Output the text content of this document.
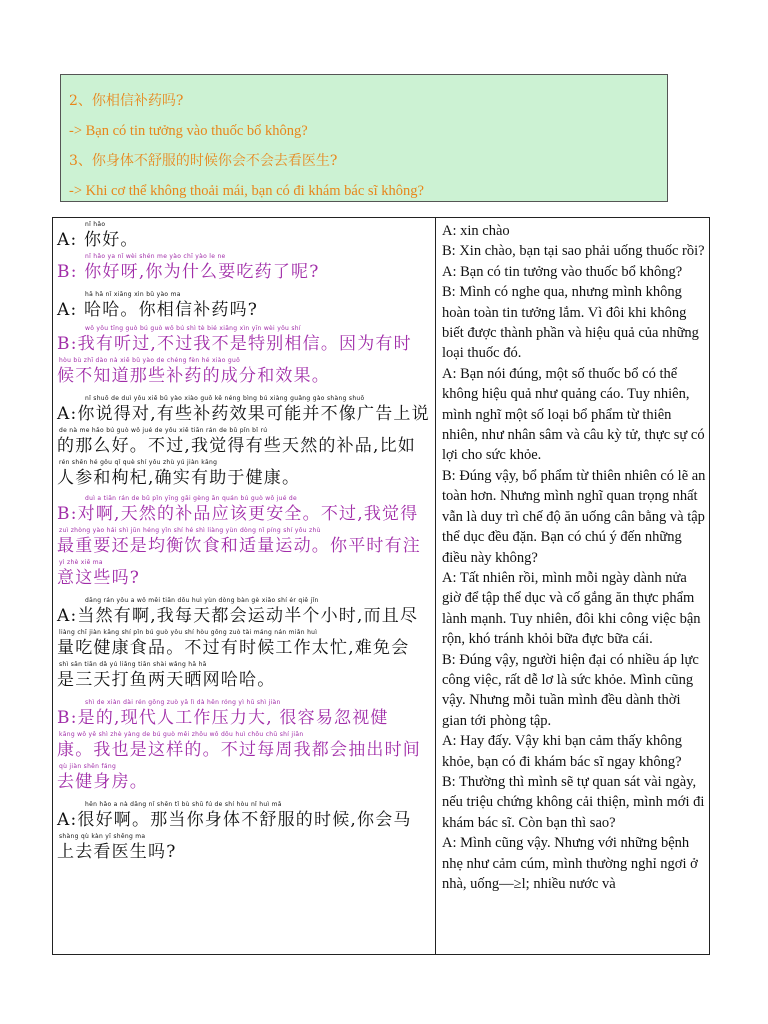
2、你相信补药吗?
-> Bạn có tin tưởng vào thuốc bổ không?
3、你身体不舒服的时候你会不会去看医生?
-> Khi cơ thể không thoải mái, bạn có đi khám bác sĩ không?
nǐ hǎo
A: 你好。
nǐ hǎo ya nǐ wèi shén me yào chī yào le ne
B: 你好呀,你为什么要吃药了呢?
hā hā nǐ xiāng xìn bǔ yào ma
A: 哈哈。你相信补药吗?
wǒ yǒu tīng guò bú guò wǒ bú shì tè bié xiāng xìn yīn wèi yǒu shí
B:我有听过,不过我不是特别相信。因为有时
hòu bù zhī dào nà xiē bǔ yào de chéng fèn hé xiào guǒ
候不知道那些补药的成分和效果。
nǐ shuō de duì yǒu xiē bǔ yào xiào guǒ kě néng bìng bú xiàng guǎng gào shàng shuō
A:你说得对,有些补药效果可能并不像广告上说
de nà me hǎo bú guò wǒ jué de yǒu xiē tiān rán de bǔ pǐn bǐ rú
的那么好。不过,我觉得有些天然的补品,比如
rén shēn hé gǒu qǐ què shí yǒu zhù yú jiàn kāng
人参和枸杞,确实有助于健康。
duì a tiān rán de bǔ pǐn yīng gāi gèng ān quán bú guò wǒ jué de
B:对啊,天然的补品应该更安全。不过,我觉得
zuì zhòng yào hái shì jūn héng yǐn shí hé shì liàng yùn dòng nǐ píng shí yǒu zhù
最重要还是均衡饮食和适量运动。你平时有注
yì zhè xiē ma
意这些吗?
dāng rán yǒu a wǒ měi tiān dōu huì yùn dòng bàn gè xiǎo shí ér qiě jǐn
A:当然有啊,我每天都会运动半个小时,而且尽
liàng chī jiàn kāng shí pǐn bú guò yǒu shí hòu gōng zuò tài máng nán miǎn huì
量吃健康食品。不过有时候工作太忙,难免会
shì sān tiān dǎ yú liǎng tiān shài wǎng hā hā
是三天打鱼两天晒网哈哈。
shì de xiàn dài rén gōng zuò yā lì dà hěn róng yì hū shì jiàn
B:是的,现代人工作压力大, 很容易忽视健
kāng wǒ yě shì zhè yàng de bú guò měi zhōu wǒ dōu huì chōu chū shí jiān
康。我也是这样的。不过每周我都会抽出时间
qù jiàn shēn fáng
去健身房。
hěn hǎo a nà dāng nǐ shēn tǐ bù shū fú de shí hòu nǐ huì mǎ
A:很好啊。那当你身体不舒服的时候,你会马
shàng qù kàn yī shēng ma
上去看医生吗?

A: xin chào

B: Xin chào, bạn tại sao phải uống thuốc rồi?

A: Bạn có tin tưởng vào thuốc bổ không?

B: Mình có nghe qua, nhưng mình không hoàn toàn tin tưởng lắm. Vì đôi khi không biết được thành phần và hiệu quả của những loại thuốc đó.

A: Bạn nói đúng, một số thuốc bổ có thể không hiệu quả như quảng cáo. Tuy nhiên, mình nghĩ một số loại bổ phẩm từ thiên nhiên, như nhân sâm và câu kỳ tử, thực sự có lợi cho sức khỏe.

B: Đúng vậy, bổ phẩm từ thiên nhiên có lẽ an toàn hơn. Nhưng mình nghĩ quan trọng nhất vẫn là duy trì chế độ ăn uống cân bằng và tập thể dục đều đặn. Bạn có chú ý đến những điều này không?

A: Tất nhiên rồi, mình mỗi ngày dành nửa giờ để tập thể dục và cố gắng ăn thực phẩm lành mạnh. Tuy nhiên, đôi khi công việc bận rộn, khó tránh khỏi bữa đực bữa cái.

B: Đúng vậy, người hiện đại có nhiều áp lực công việc, rất dễ lơ là sức khỏe. Mình cũng vậy. Nhưng mỗi tuần mình đều dành thời gian tới phòng tập.

A: Hay đấy. Vậy khi bạn cảm thấy không khỏe, bạn có đi khám bác sĩ ngay không?

B: Thường thì mình sẽ tự quan sát vài ngày, nếu triệu chứng không cải thiện, mình mới đi khám bác sĩ. Còn bạn thì sao?

A: Mình cũng vậy. Nhưng với những bệnh nhẹ như cảm cúm, mình thường nghỉ ngơi ở nhà, uống—≥l; nhiều nước và
